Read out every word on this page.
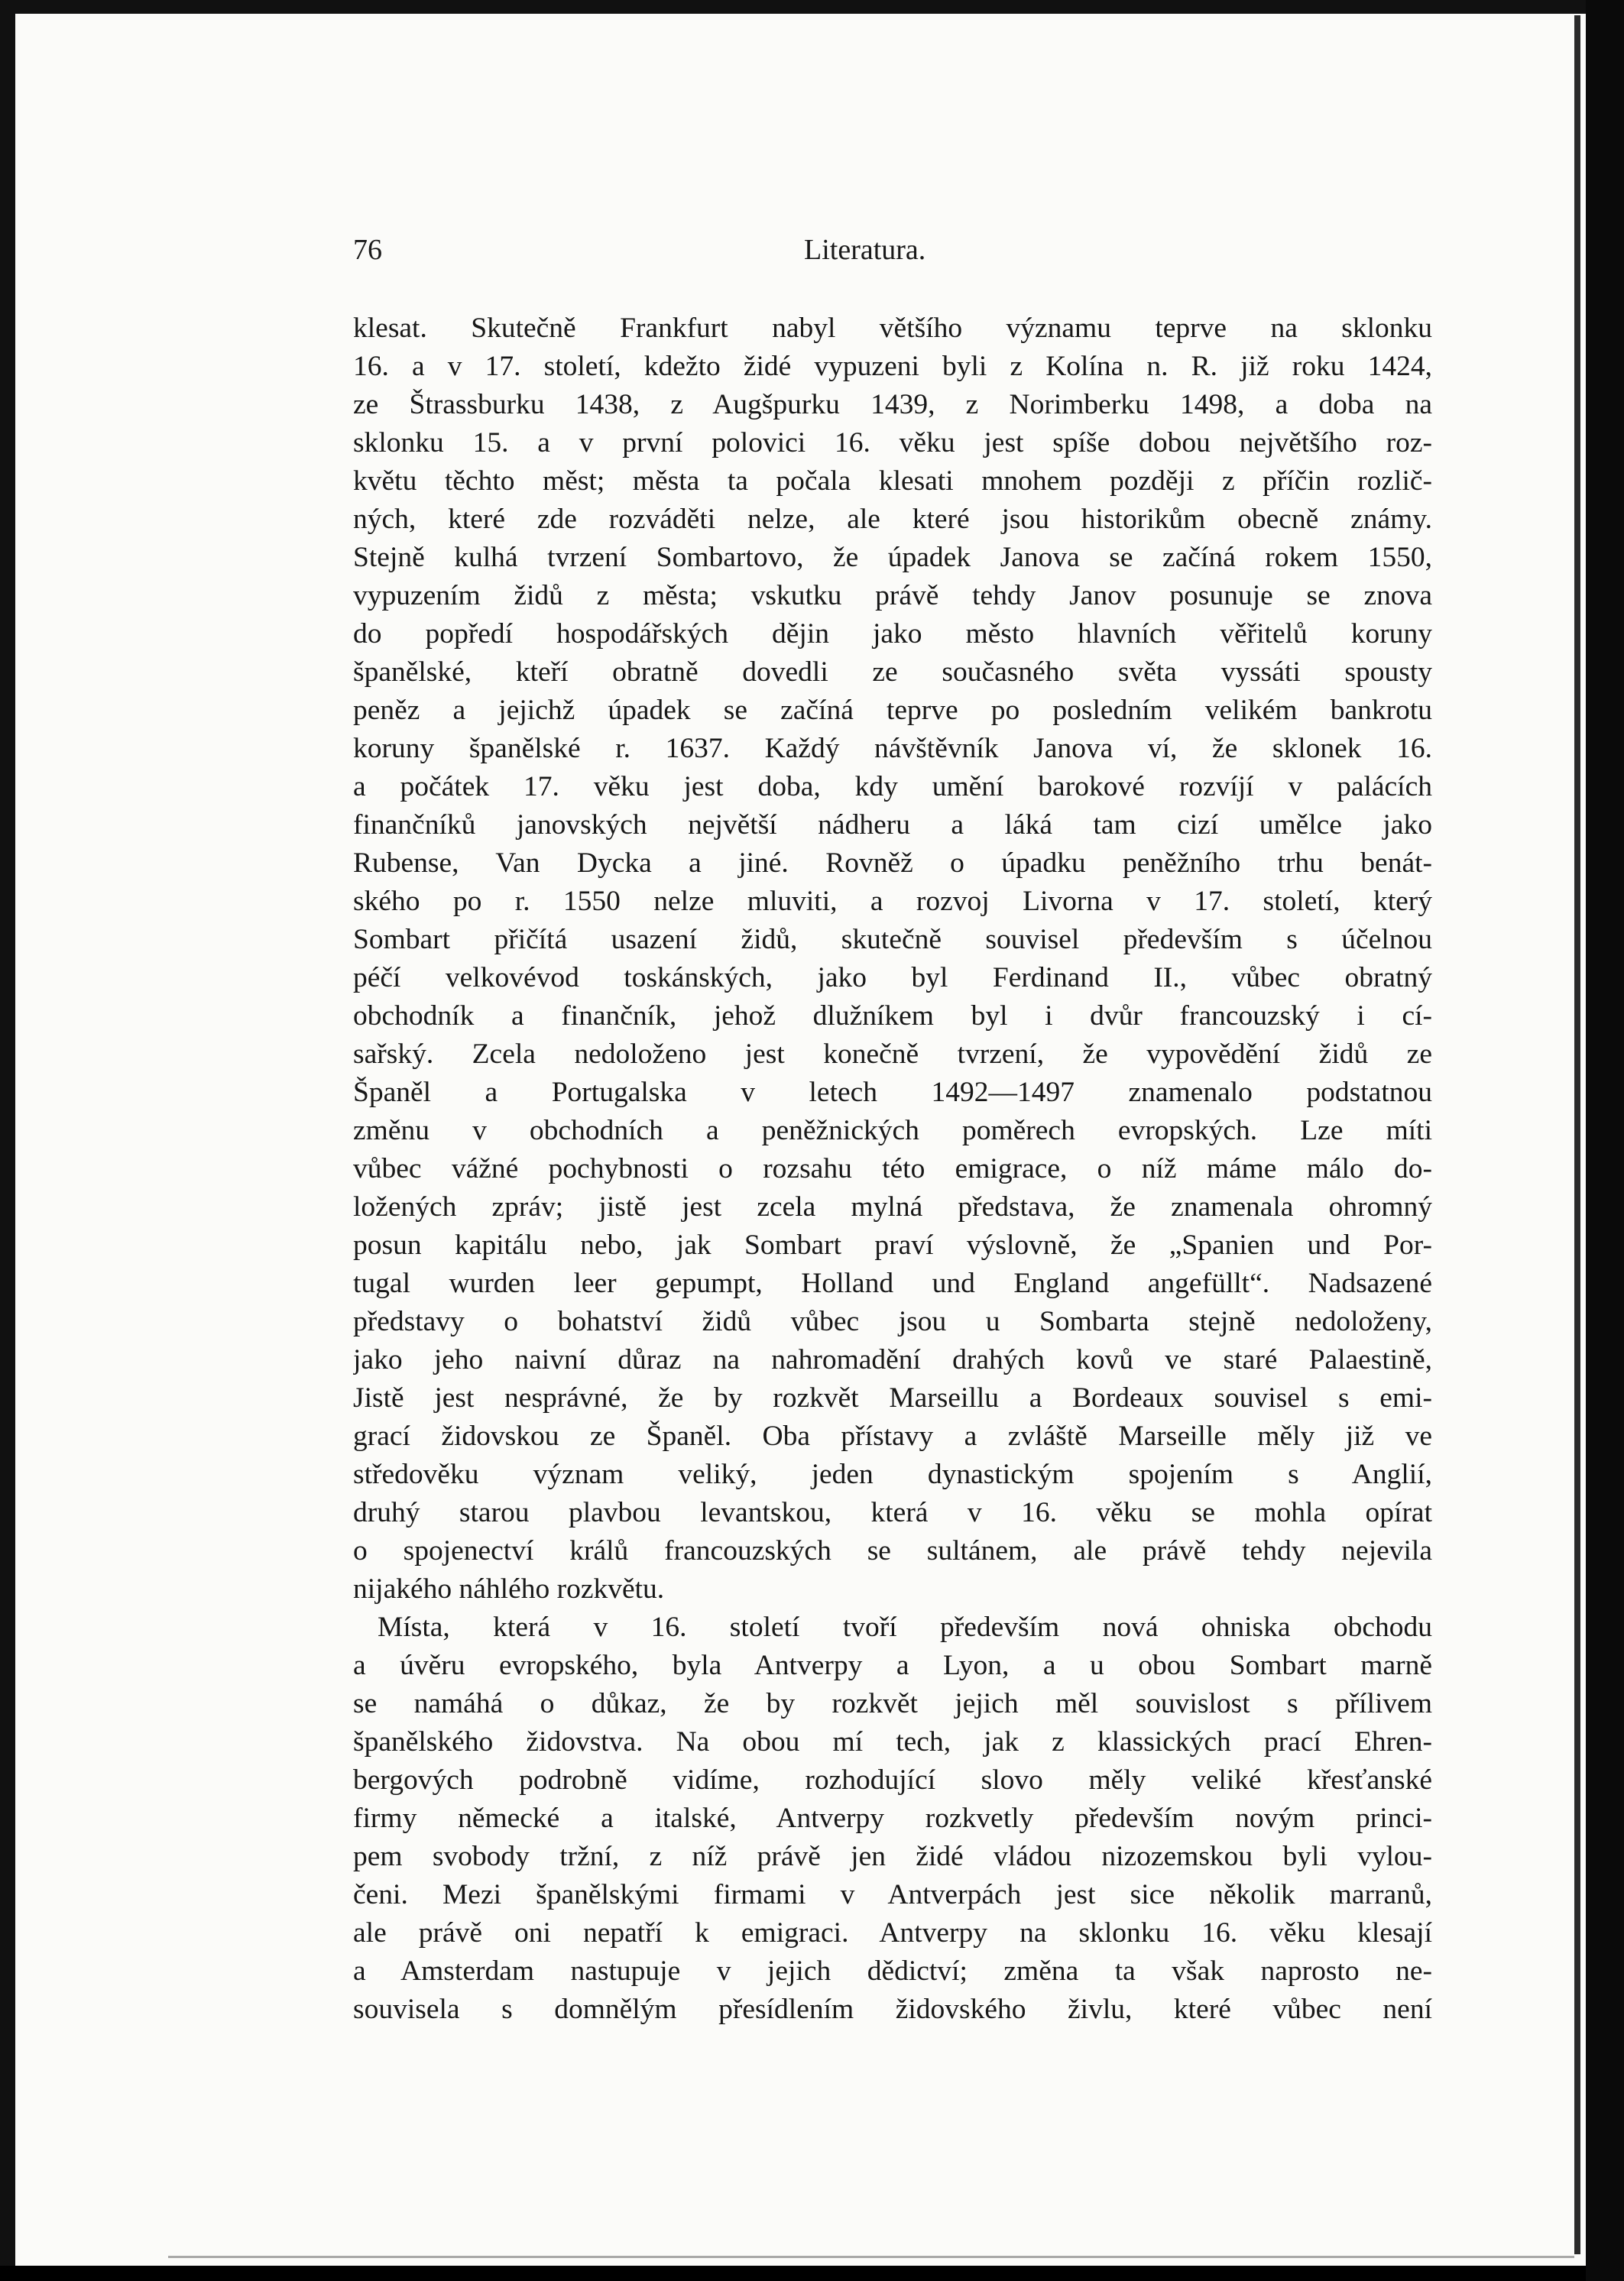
76	Literatura.
klesat. Skutečně Frankfurt nabyl většího významu teprve na sklonku
16. a v 17. století, kdežto židé vypuzeni byli z Kolína n. R. již roku 1424,
ze Štrassburku 1438, z Augšpurku 1439, z Norimberku 1498, a doba na
sklonku 15. a v první polovici 16. věku jest spíše dobou největšího roz-
květu těchto měst; města ta počala klesati mnohem později z příčin rozlič-
ných, které zde rozváděti nelze, ale které jsou historikům obecně známy.
Stejně kulhá tvrzení Sombartovo, že úpadek Janova se začíná rokem 1550,
vypuzením židů z města; vskutku právě tehdy Janov posunuje se znova
do popředí hospodářských dějin jako město hlavních věřitelů koruny
španělské, kteří obratně dovedli ze současného světa vyssáti spousty
peněz a jejichž úpadek se začíná teprve po posledním velikém bankrotu
koruny španělské r. 1637. Každý návštěvník Janova ví, že sklonek 16.
a počátek 17. věku jest doba, kdy umění barokové rozvíjí v palácích
finančníků janovských největší nádheru a láká tam cizí umělce jako
Rubense, Van Dycka a jiné. Rovněž o úpadku peněžního trhu benát-
ského po r. 1550 nelze mluviti, a rozvoj Livorna v 17. století, který
Sombart přičítá usazení židů, skutečně souvisel především s účelnou
péčí velkovévod toskánských, jako byl Ferdinand II., vůbec obratný
obchodník a finančník, jehož dlužníkem byl i dvůr francouzský i cí-
sařský. Zcela nedoloženo jest konečně tvrzení, že vypovědění židů ze
Španěl a Portugalska v letech 1492—1497 znamenalo podstatnou
změnu v obchodních a peněžnických poměrech evropských. Lze míti
vůbec vážné pochybnosti o rozsahu této emigrace, o níž máme málo do-
ložených zpráv; jistě jest zcela mylná představa, že znamenala ohromný
posun kapitálu nebo, jak Sombart praví výslovně, že „Spanien und Por-
tugal wurden leer gepumpt, Holland und England angefüllt“. Nadsazené
představy o bohatství židů vůbec jsou u Sombarta stejně nedoloženy,
jako jeho naivní důraz na nahromadění drahých kovů ve staré Palaestině,
Jistě jest nesprávné, že by rozkvět Marseillu a Bordeaux souvisel s emi-
grací židovskou ze Španěl. Oba přístavy a zvláště Marseille měly již ve
středověku význam veliký, jeden dynastickým spojením s Anglií,
druhý starou plavbou levantskou, která v 16. věku se mohla opírat
o spojenectví králů francouzských se sultánem, ale právě tehdy nejevila
nijakého náhlého rozkvětu.
Místa, která v 16. století tvoří především nová ohniska obchodu
a úvěru evropského, byla Antverpy a Lyon, a u obou Sombart marně
se namáhá o důkaz, že by rozkvět jejich měl souvislost s přílivem
španělského židovstva. Na obou mí tech, jak z klassických prací Ehren-
bergových podrobně vidíme, rozhodující slovo měly veliké křesťanské
firmy německé a italské, Antverpy rozkvetly především novým princi-
pem svobody tržní, z níž právě jen židé vládou nizozemskou byli vylou-
čeni. Mezi španělskými firmami v Antverpách jest sice několik marranů,
ale právě oni nepatří k emigraci. Antverpy na sklonku 16. věku klesají
a Amsterdam nastupuje v jejich dědictví; změna ta však naprosto ne-
souvisela s domnělým přesídlením židovského živlu, které vůbec není
